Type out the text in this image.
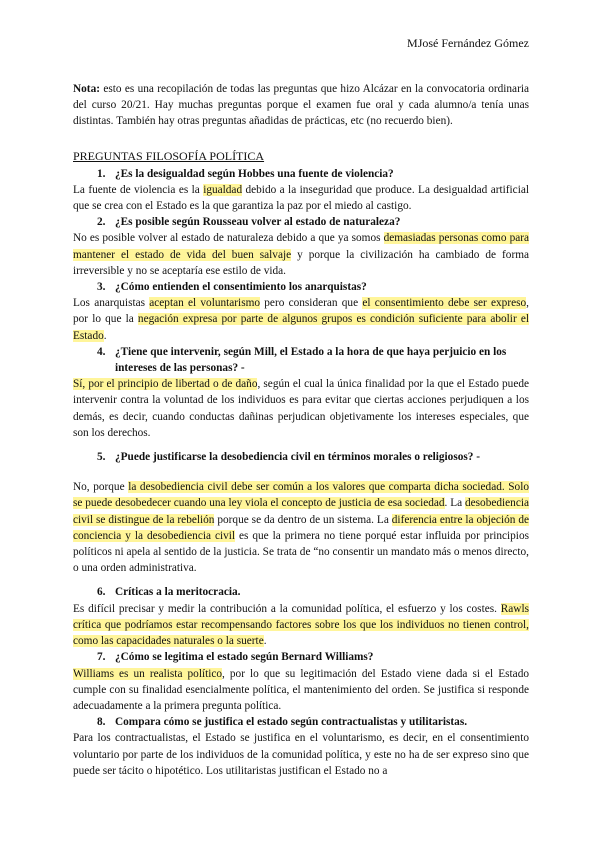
MJosé Fernández Gómez

Nota: esto es una recopilación de todas las preguntas que hizo Alcázar en la convocatoria ordinaria del curso 20/21. Hay muchas preguntas porque el examen fue oral y cada alumno/a tenía unas distintas. También hay otras preguntas añadidas de prácticas, etc (no recuerdo bien).

PREGUNTAS FILOSOFÍA POLÍTICA
1. ¿Es la desigualdad según Hobbes una fuente de violencia?

La fuente de violencia es la igualdad debido a la inseguridad que produce. La desigualdad artificial que se crea con el Estado es la que garantiza la paz por el miedo al castigo.

2. ¿Es posible según Rousseau volver al estado de naturaleza?

No es posible volver al estado de naturaleza debido a que ya somos demasiadas personas como para mantener el estado de vida del buen salvaje y porque la civilización ha cambiado de forma irreversible y no se aceptaría ese estilo de vida.

3. ¿Cómo entienden el consentimiento los anarquistas?

Los anarquistas aceptan el voluntarismo pero consideran que el consentimiento debe ser expreso, por lo que la negación expresa por parte de algunos grupos es condición suficiente para abolir el Estado.

4. ¿Tiene que intervenir, según Mill, el Estado a la hora de que haya perjuicio en los intereses de las personas? -

Sí, por el principio de libertad o de daño, según el cual la única finalidad por la que el Estado puede intervenir contra la voluntad de los individuos es para evitar que ciertas acciones perjudiquen a los demás, es decir, cuando conductas dañinas perjudican objetivamente los intereses especiales, que son los derechos.

5. ¿Puede justificarse la desobediencia civil en términos morales o religiosos? -

No, porque la desobediencia civil debe ser común a los valores que comparta dicha sociedad. Solo se puede desobedecer cuando una ley viola el concepto de justicia de esa sociedad. La desobediencia civil se distingue de la rebelión porque se da dentro de un sistema. La diferencia entre la objeción de conciencia y la desobediencia civil es que la primera no tiene porqué estar influida por principios políticos ni apela al sentido de la justicia. Se trata de “no consentir un mandato más o menos directo, o una orden administrativa.

6. Críticas a la meritocracia.

Es difícil precisar y medir la contribución a la comunidad política, el esfuerzo y los costes. Rawls crítica que podríamos estar recompensando factores sobre los que los individuos no tienen control, como las capacidades naturales o la suerte.

7. ¿Cómo se legitima el estado según Bernard Williams?

Williams es un realista político, por lo que su legitimación del Estado viene dada si el Estado cumple con su finalidad esencialmente política, el mantenimiento del orden. Se justifica si responde adecuadamente a la primera pregunta política.

8. Compara cómo se justifica el estado según contractualistas y utilitaristas.

Para los contractualistas, el Estado se justifica en el voluntarismo, es decir, en el consentimiento voluntario por parte de los individuos de la comunidad política, y este no ha de ser expreso sino que puede ser tácito o hipotético. Los utilitaristas justifican el Estado no a
